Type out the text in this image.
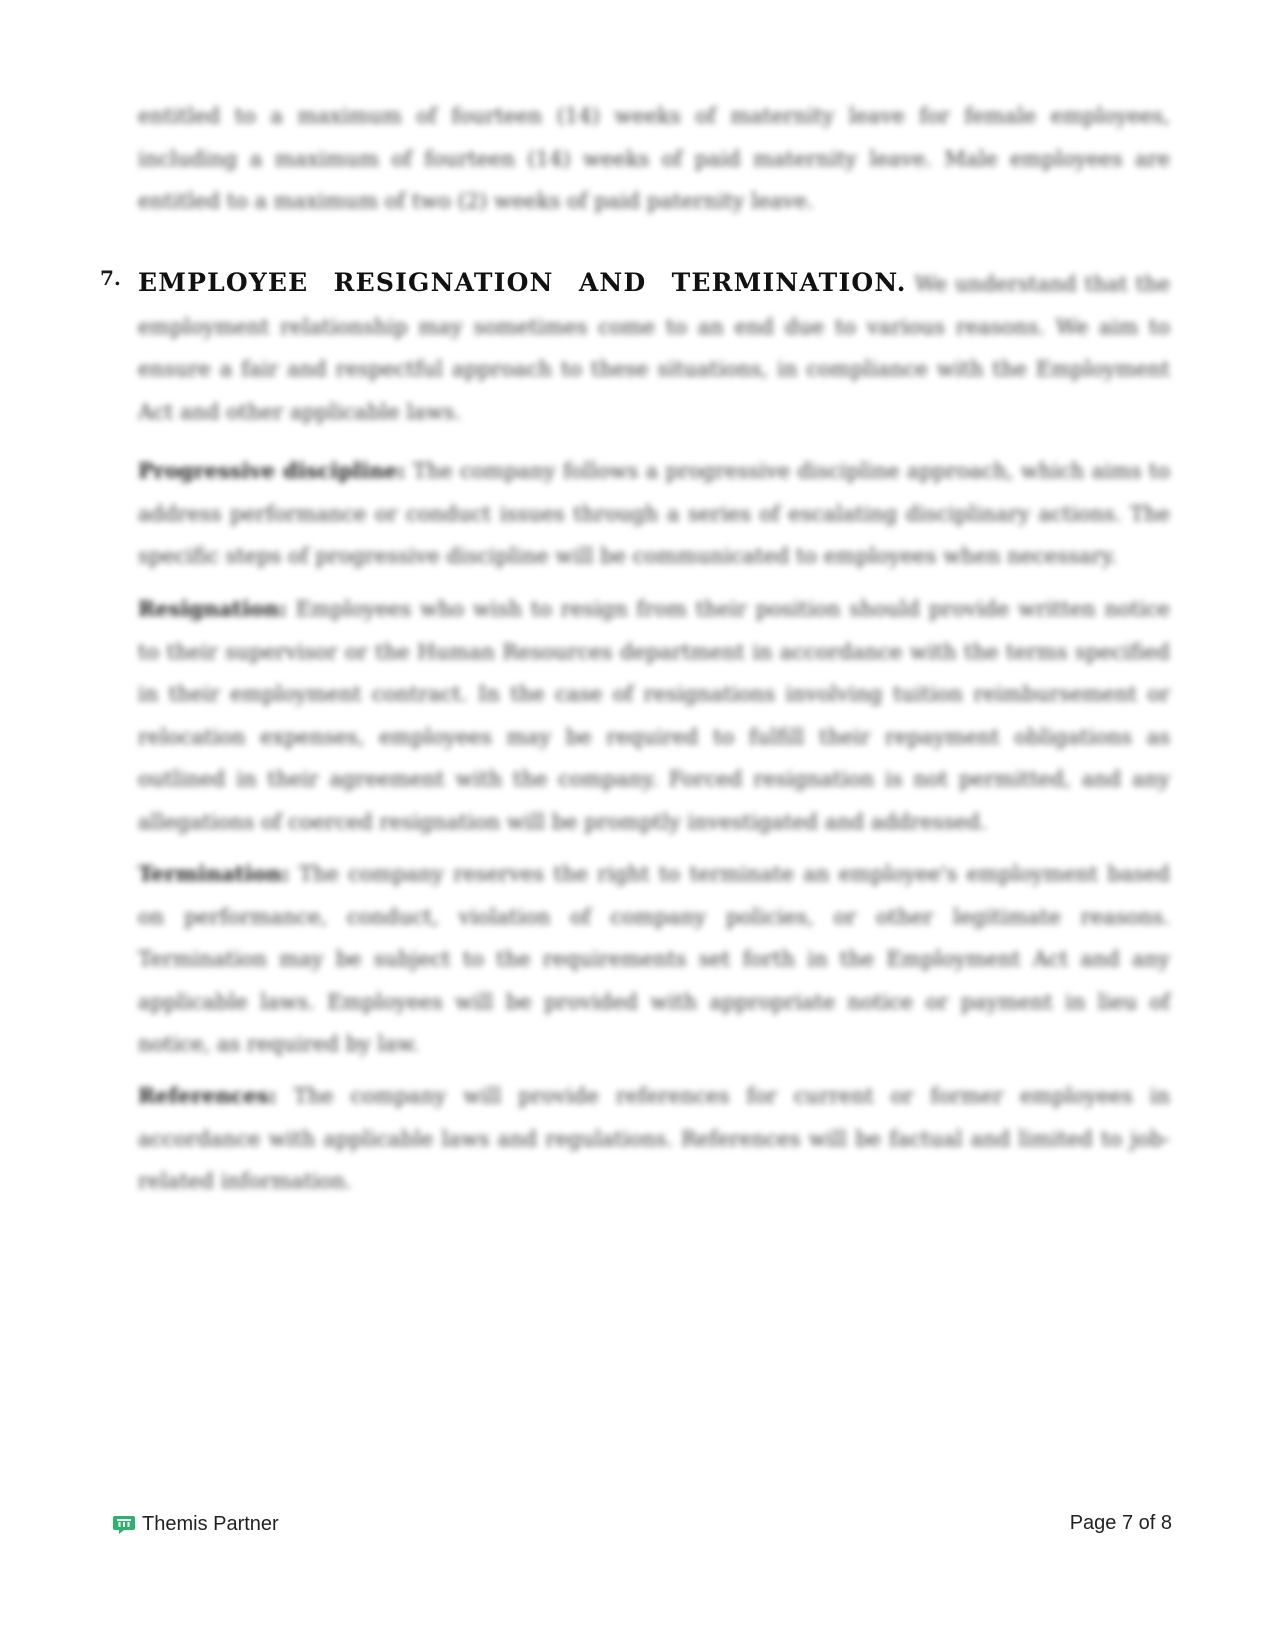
entitled to a maximum of fourteen (14) weeks of maternity leave for female employees, including a maximum of fourteen (14) weeks of paid maternity leave. Male employees are entitled to a maximum of two (2) weeks of paid paternity leave.

7. EMPLOYEE RESIGNATION AND TERMINATION. We understand that the employment relationship may sometimes come to an end due to various reasons. We aim to ensure a fair and respectful approach to these situations, in compliance with the Employment Act and other applicable laws.

Progressive discipline: The company follows a progressive discipline approach, which aims to address performance or conduct issues through a series of escalating disciplinary actions. The specific steps of progressive discipline will be communicated to employees when necessary.

Resignation: Employees who wish to resign from their position should provide written notice to their supervisor or the Human Resources department in accordance with the terms specified in their employment contract. In the case of resignations involving tuition reimbursement or relocation expenses, employees may be required to fulfill their repayment obligations as outlined in their agreement with the company. Forced resignation is not permitted, and any allegations of coerced resignation will be promptly investigated and addressed.

Termination: The company reserves the right to terminate an employee's employment based on performance, conduct, violation of company policies, or other legitimate reasons. Termination may be subject to the requirements set forth in the Employment Act and any applicable laws. Employees will be provided with appropriate notice or payment in lieu of notice, as required by law.

References: The company will provide references for current or former employees in accordance with applicable laws and regulations. References will be factual and limited to job-related information.

Themis Partner	Page 7 of 8
